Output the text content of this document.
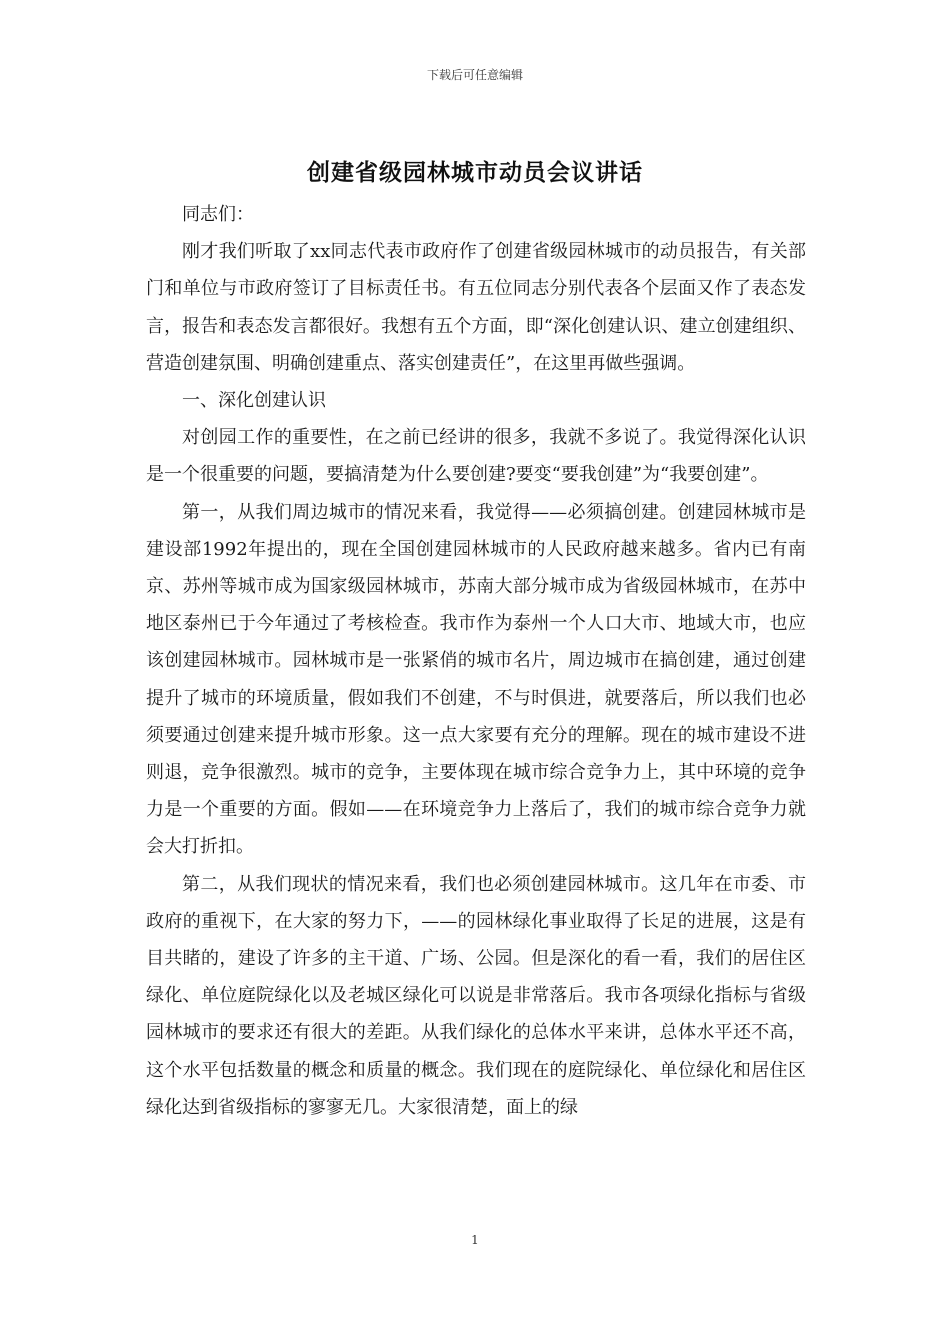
下载后可任意编辑
创建省级园林城市动员会议讲话

同志们：

刚才我们听取了xx同志代表市政府作了创建省级园林城市的动员报告，有关部门和单位与市政府签订了目标责任书。有五位同志分别代表各个层面又作了表态发言，报告和表态发言都很好。我想有五个方面，即“深化创建认识、建立创建组织、营造创建氛围、明确创建重点、落实创建责任”，在这里再做些强调。

一、深化创建认识

对创园工作的重要性，在之前已经讲的很多，我就不多说了。我觉得深化认识是一个很重要的问题，要搞清楚为什么要创建?要变“要我创建”为“我要创建”。

第一，从我们周边城市的情况来看，我觉得——必须搞创建。创建园林城市是建设部1992年提出的，现在全国创建园林城市的人民政府越来越多。省内已有南京、苏州等城市成为国家级园林城市，苏南大部分城市成为省级园林城市，在苏中地区泰州已于今年通过了考核检查。我市作为泰州一个人口大市、地域大市，也应该创建园林城市。园林城市是一张紧俏的城市名片，周边城市在搞创建，通过创建提升了城市的环境质量，假如我们不创建，不与时俱进，就要落后，所以我们也必须要通过创建来提升城市形象。这一点大家要有充分的理解。现在的城市建设不进则退，竞争很激烈。城市的竞争，主要体现在城市综合竞争力上，其中环境的竞争力是一个重要的方面。假如——在环境竞争力上落后了，我们的城市综合竞争力就会大打折扣。

第二，从我们现状的情况来看，我们也必须创建园林城市。这几年在市委、市政府的重视下，在大家的努力下，——的园林绿化事业取得了长足的进展，这是有目共睹的，建设了许多的主干道、广场、公园。但是深化的看一看，我们的居住区绿化、单位庭院绿化以及老城区绿化可以说是非常落后。我市各项绿化指标与省级园林城市的要求还有很大的差距。从我们绿化的总体水平来讲，总体水平还不高，这个水平包括数量的概念和质量的概念。我们现在的庭院绿化、单位绿化和居住区绿化达到省级指标的寥寥无几。大家很清楚，面上的绿

1
